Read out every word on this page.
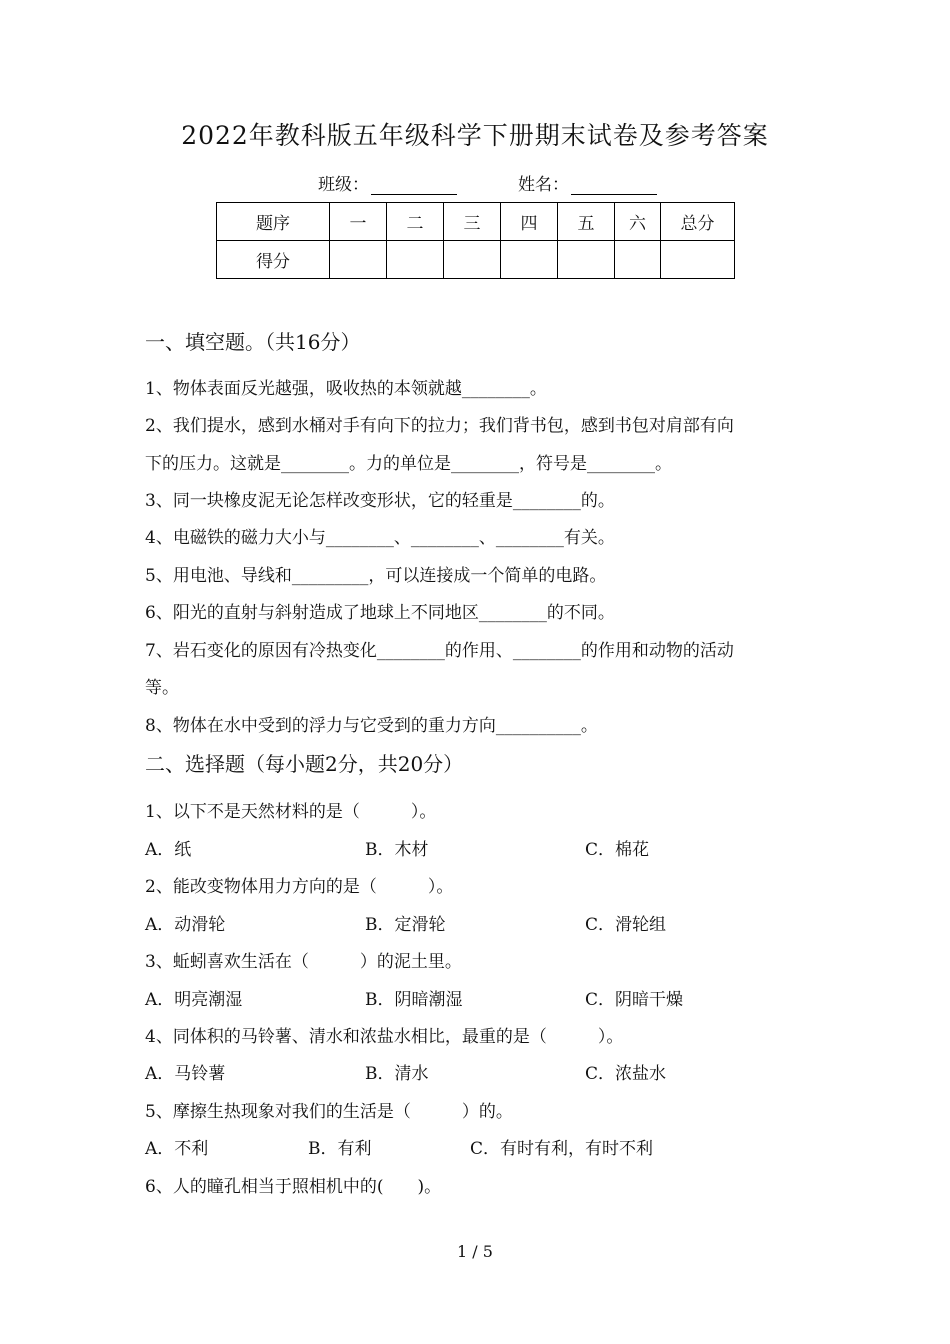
2022年教科版五年级科学下册期末试卷及参考答案
班级：	姓名：
题序	一	二	三	四	五	六	总分
得分							
一、填空题。（共16分）
1、物体表面反光越强，吸收热的本领就越________。
2、我们提水，感到水桶对手有向下的拉力；我们背书包，感到书包对肩部有向
下的压力。这就是________。力的单位是________，符号是________。
3、同一块橡皮泥无论怎样改变形状，它的轻重是________的。
4、电磁铁的磁力大小与________、________、________有关。
5、用电池、导线和_________，可以连接成一个简单的电路。
6、阳光的直射与斜射造成了地球上不同地区________的不同。
7、岩石变化的原因有冷热变化________的作用、________的作用和动物的活动
等。
8、物体在水中受到的浮力与它受到的重力方向__________。
二、选择题（每小题2分，共20分）
1、以下不是天然材料的是（　　　）。
A．纸	B．木材	C．棉花
2、能改变物体用力方向的是（　　　）。
A．动滑轮	B．定滑轮	C．滑轮组
3、蚯蚓喜欢生活在（　　　）的泥土里。
A．明亮潮湿	B．阴暗潮湿	C．阴暗干燥
4、同体积的马铃薯、清水和浓盐水相比，最重的是（　　　）。
A．马铃薯	B．清水	C．浓盐水
5、摩擦生热现象对我们的生活是（　　　）的。
A．不利	B．有利	C．有时有利，有时不利
6、人的瞳孔相当于照相机中的(　　)。
1 / 5
